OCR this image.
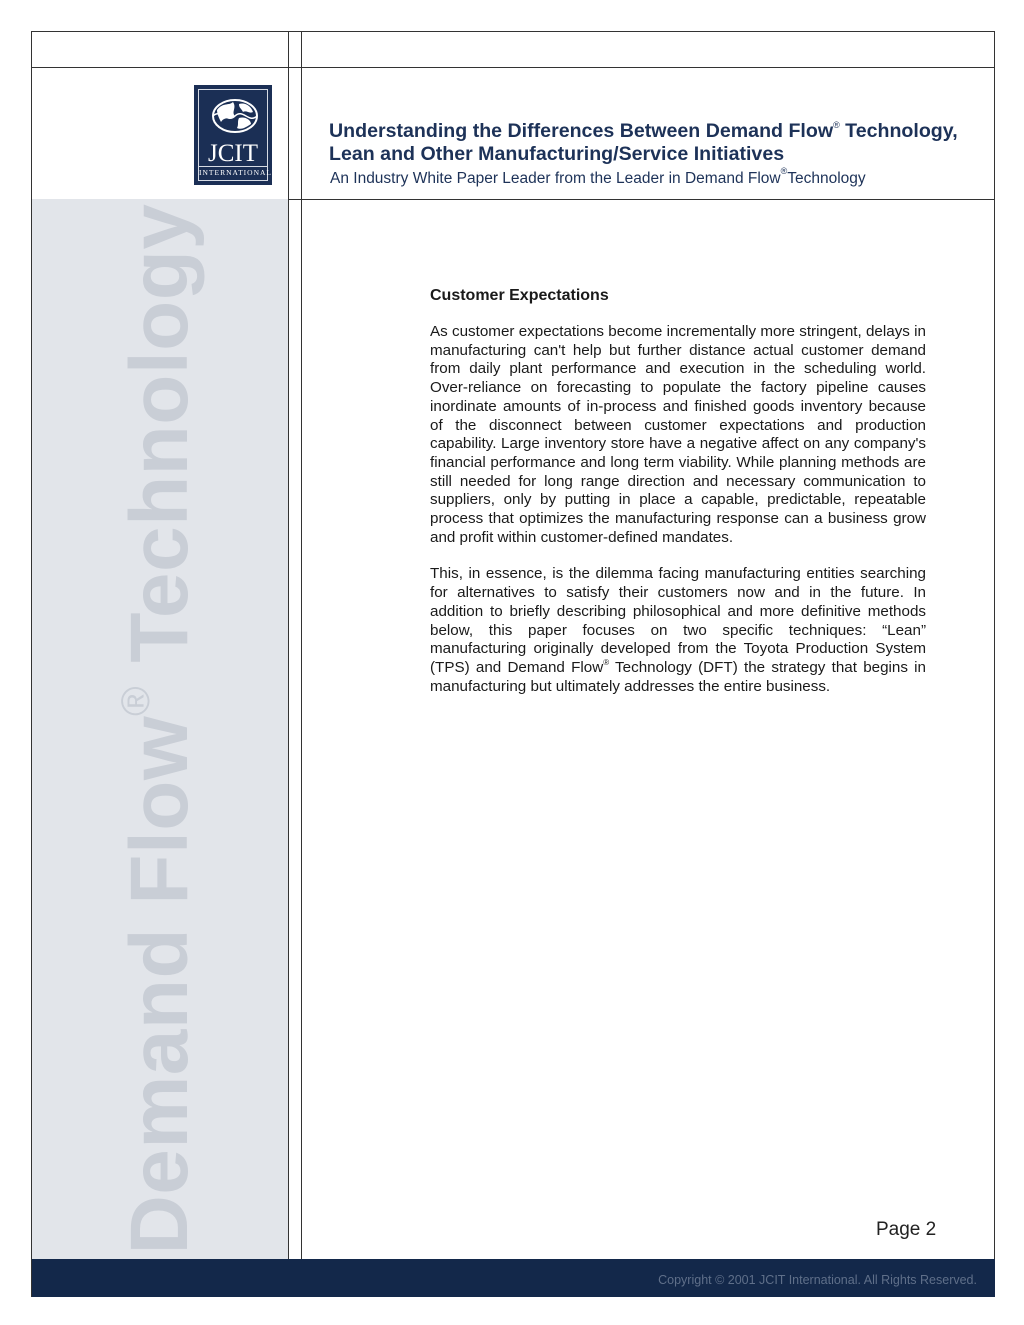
Demand Flow® Technology
JCIT
INTERNATIONAL
Understanding the Differences Between Demand Flow® Technology,
Lean and Other Manufacturing/Service Initiatives
An Industry White Paper Leader from the Leader in Demand Flow®Technology
Customer Expectations

As customer expectations become incrementally more stringent, delays in manufacturing can't help but further distance actual customer demand from daily plant performance and execution in the scheduling world. Over-reliance on forecasting to populate the factory pipeline causes inordinate amounts of in-process and finished goods inventory because of the disconnect between customer expectations and production capability. Large inventory store have a negative affect on any company's financial performance and long term viability. While planning methods are still needed for long range direction and necessary communication to suppliers, only by putting in place a capable, predictable, repeatable process that optimizes the manufacturing response can a business grow and profit within customer-defined mandates.

This, in essence, is the dilemma facing manufacturing entities searching for alternatives to satisfy their customers now and in the future. In addition to briefly describing philosophical and more definitive methods below, this paper focuses on two specific techniques: “Lean” manufacturing originally developed from the Toyota Production System (TPS) and Demand Flow® Technology (DFT) the strategy that begins in manufacturing but ultimately addresses the entire business.

Page 2
Copyright © 2001 JCIT International. All Rights Reserved.
